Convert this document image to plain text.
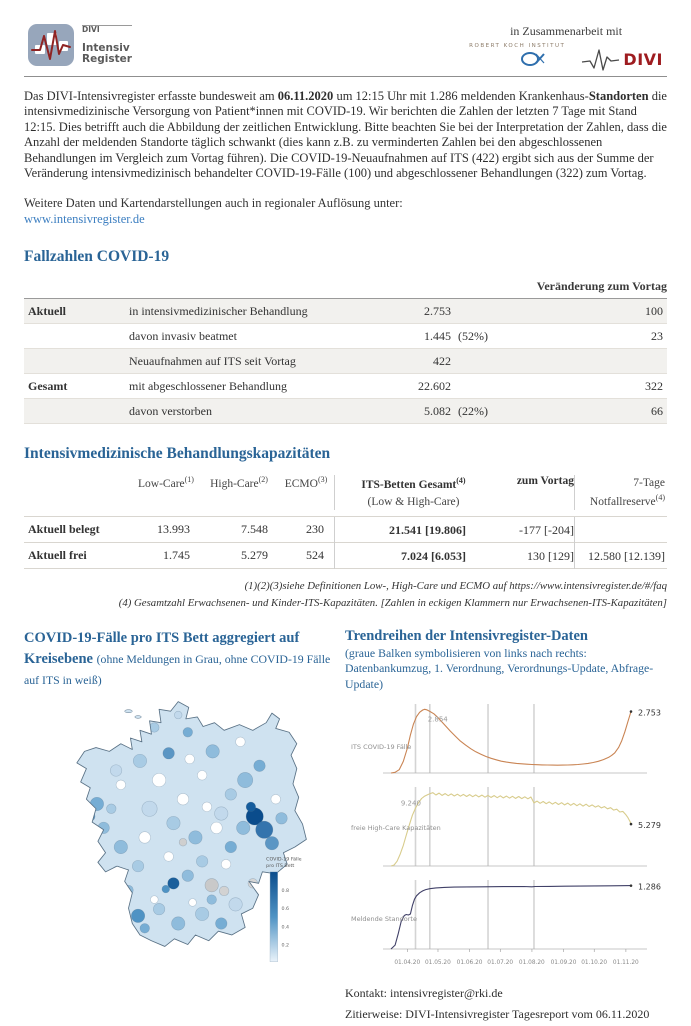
DIVI
Intensiv
Register
in Zusammenarbeit mit
ROBERT KOCH INSTITUT
DIVI

Das DIVI-Intensivregister erfasste bundesweit am 06.11.2020 um 12:15 Uhr mit 1.286 meldenden Krankenhaus-Standorten die intensivmedizinische Versorgung von Patient*innen mit COVID-19. Wir berichten die Zahlen der letzten 7 Tage mit Stand 12:15. Dies betrifft auch die Abbildung der zeitlichen Entwicklung. Bitte beachten Sie bei der Interpretation der Zahlen, dass die Anzahl der meldenden Standorte täglich schwankt (dies kann z.B. zu verminderten Zahlen bei den abgeschlossenen Behandlungen im Vergleich zum Vortag führen). Die COVID-19-Neuaufnahmen auf ITS (422) ergibt sich aus der Summe der Veränderung intensivmedizinisch behandelter COVID-19-Fälle (100) und abgeschlossener Behandlungen (322) zum Vortag.

Weitere Daten und Kartendarstellungen auch in regionaler Auflösung unter:
www.intensivregister.de

Fallzahlen COVID-19
Veränderung zum Vortag
Aktuell	in intensivmedizinischer Behandlung	2.753	100
davon invasiv beatmet	1.445 (52%)	23
Neuaufnahmen auf ITS seit Vortag	422
Gesamt	mit abgeschlossener Behandlung	22.602	322
davon verstorben	5.082 (22%)	66
Intensivmedizinische Behandlungskapazitäten
Low-Care$^{(1)}$	High-Care$^{(2)}$	ECMO$^{(3)}$	ITS-Betten Gesamt$^{(4)}$
(Low & High-Care)
zum Vortag	7-Tage
Notfallreserve$^{(4)}$
Aktuell belegt	13.993	7.548	230	21.541 [19.806]	-177 [-204]
Aktuell frei	1.745	5.279	524	7.024 [6.053]	130 [129]	12.580 [12.139]
(1)(2)(3)siehe Definitionen Low-, High-Care und ECMO auf https://www.intensivregister.de/#/faq
(4) Gesamtzahl Erwachsenen- und Kinder-ITS-Kapazitäten. [Zahlen in eckigen Klammern nur Erwachsenen-ITS-Kapazitäten]
COVID-19-Fälle pro ITS Bett aggregiert auf Kreisebene (ohne Meldungen in Grau, ohne COVID-19 Fälle auf ITS in weiß)
COVID-19 Fälle
pro ITS Bett
0.8
0.6
0.4
0.2
Trendreihen der Intensivregister-Daten
(graue Balken symbolisieren von links nach rechts: Datenbankumzug, 1. Verordnung, Verordnungs-Update, Abfrage-Update)
ITS COVID-19 Fälle
2.753
2.854
freie High-Care Kapazitäten	5.279
9.240
Meldende Standorte
1.286
01.04.20 01.05.20 01.06.20 01.07.20 01.08.20 01.09.20 01.10.20 01.11.20
Kontakt: intensivregister@rki.de
Zitierweise: DIVI-Intensivregister Tagesreport vom 06.11.2020
